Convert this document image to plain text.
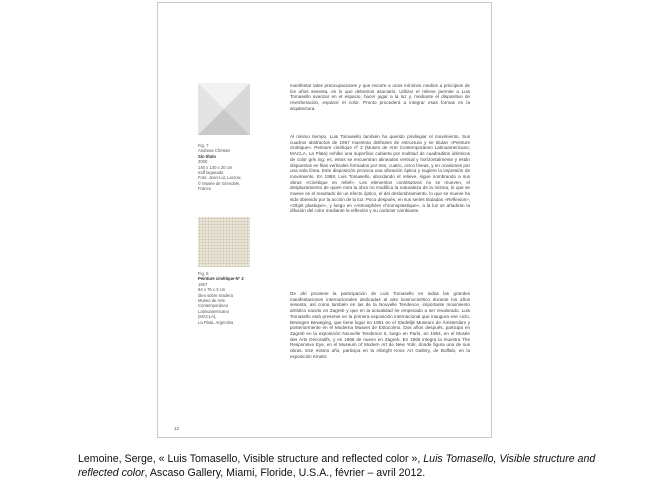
Fig. 7
Andreas Christen
Sin título
2000
140 x 140 x 20 cm
mdf laqueado
Foto: Jean-Luc Lacroix,
© Musée de Grenoble,
France
Fig. 8
Peinture cinétique N° 2
1957
64 x 76 x 3 cm
óleo sobre madera
Museo de Arte
Contemporáneo
Latinoamericano
(MACLA),
La Plata, Argentina
manifestar tales preocupaciones y que recurre a unos mínimos medios a principios de los años sesenta, es lo que debemos asociarlo. Utilizar el relieve permite a Luis Tomasello avanzar en el espacio, hacer jugar a la luz y, mediante el dispositivo de reverberación, esparcir el color. Pronto procederá a integrar esas formas en la arquitectura.
Al mismo tiempo, Luis Tomasello también ha querido privilegiar el movimiento. Sus cuadros abstractos de 1957 muestran disfrases de estructura y se titulan «Peinture cinétique». Peinture cinétique nº 2 (Museo de Arte Contemporáneo Latinoamericano, MACLA, La Plata) exhibe una superficie cubierta por multitud de cuadraditos idénticos de color gris ing; es, estos se encuentran alineados vertical y horizontalmente y están dispuestos en filas verticales formados por tres, cuatro, cinco líneas, y en ocasiones por una sola línea. Este disposición provoca una vibración óptica y sugiere la impresión de movimiento. En 1958, Luis Tomasello, abordando el relieve, sigue nombrando a sus obras «Cinétique en relief». Los elementos constitutivos no se mueven, el desplazamiento de quien mira la obra no modifica la naturaleza de la misma, lo que se mueve es el resultado de un efecto óptico, el del deslumbramiento, lo que se mueve ha sido obtenido por la acción de la luz. Poco después, en sus series tituladas «Reflexion», «Objet plastique», y luego en «Atmosphère chromoplastique», a la luz se añadirán la difusión del color mediante la reflexión y su carácter cambiante.
De ahí proviene la participación de Luis Tomasello en todas las grandes manifestaciones internacionales dedicadas al arte luminocinético durante los años sesenta, así como también en las de la Nouvelle Tendence, importante movimiento artístico nacido en Zagreb y que en la actualidad he empezado a ser revalorado. Luis Tomasello está presente en la primera exposición internacional que inaugura ese ciclo, Bewogen Beweging, que tiene lugar en 1961 en el Stedelijk Museum de Ámsterdam y posteriormente en el Moderna Museet de Estocolmo. Dos años después, participa en Zagreb en la exposición Nouvelle Tendence II, luego en París, en 1964, en el Musée des Arts Décoratifs, y en 1968 de nuevo en Zagreb. En 1965 integra la muestra The Responsive Eye, en el Museum of Modern Art de New York, donde figura una de sus obras. Ese mismo año, participa en la Albright Knox Art Gallery, de Buffalo, en la exposición Kinetic
12
Lemoine, Serge, « Luis Tomasello, Visible structure and reflected color », Luis Tomasello, Visible structure and reflected color, Ascaso Gallery, Miami, Floride, U.S.A., février – avril 2012.
